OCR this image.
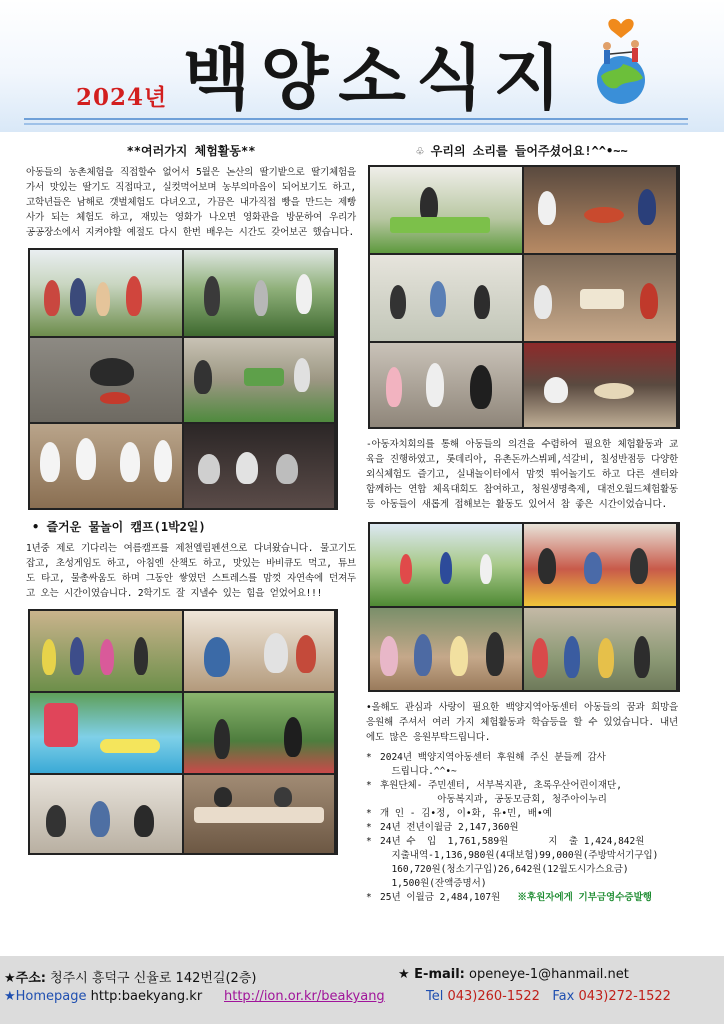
2024년 백양소식지
**여러가지 체험활동**

아동들의 농촌체험을 직접할수 없어서 5월은 논산의 딸기밭으로 딸기체험을 가서 맛있는 딸기도 직접따고, 실컷먹어보며 농부의마음이 되어보기도 하고, 고학년들은 남해로 갯벌체험도 다녀오고, 가끔은 내가직접 빵을 만드는 제빵사가 되는 체험도 하고, 재밌는 영화가 나오면 영화관을 방문하여 우리가 공공장소에서 지켜야할 예절도 다시 한번 배우는 시간도 갖어보곤 했습니다.

• 즐거운 물놀이 캠프(1박2일)

1년중 제로 기다리는 여름캠프를 제천엘림펜션으로 다녀왔습니다. 물고기도 잡고, 초성게임도 하고, 아침엔 산책도 하고, 맛있는 바비큐도 먹고, 튜브도 타고, 물총싸움도 하며 그동안 쌓였던 스트레스를 맘껏 자연속에 던져두고 오는 시간이였습니다. 2학기도 잘 지낼수 있는 힘을 얻었어요!!!

♧ 우리의 소리를 들어주셨어요!^^•~~

-아동자치회의를 통해 아동들의 의견을 수렴하여 필요한 체험활동과 교육을 진행하였고, 롯데리아, 유촌돈까스뷔페,석갈비, 칠성반점등 다양한 외식체험도 즐기고, 실내놀이터에서 맘껏 뛰어놀기도 하고 다른 센터와 함께하는 연합 체육대회도 참여하고, 청원생명축제, 대전오월드체험활동등 아동들이 새롭게 접해보는 활동도 있어서 참 좋은 시간이었습니다.

•올해도 관심과 사랑이 필요한 백양지역아동센터 아동들의 꿈과 희망을 응원해 주셔서 여러 가지 체험활동과 학습등을 할 수 있었습니다. 내년에도 많은 응원부탁드립니다.

* 2024년 백양지역아동센터 후원해 주신 분들께 감사
드립니다.^^•~
* 후원단체- 주민센터, 서부복지관, 초록우산어린이재단,
아동복지과, 공동모금회, 청주아이누리
* 개 인 - 김•정, 이•화, 유•민, 배•예
* 24년 전년이월금 2,147,360원
* 24년 수  입  1,761,589원       지  출 1,424,842원
지출내역-1,136,980원(4대보험)99,000원(주방막서기구입)
160,720원(청소기구입)26,642원(12월도시가스요금)
1,500원(잔액증명서)
* 25년 이월금 2,484,107원 ※후원자에게 기부금영수증발행
★주소: 청주시 흥덕구 신율로 142번길(2층)	★ E-mail: openeye-1@hanmail.net
★Homepage http:baekyang.kr http://ion.or.kr/beakyang	Tel 043)260-1522 Fax 043)272-1522
